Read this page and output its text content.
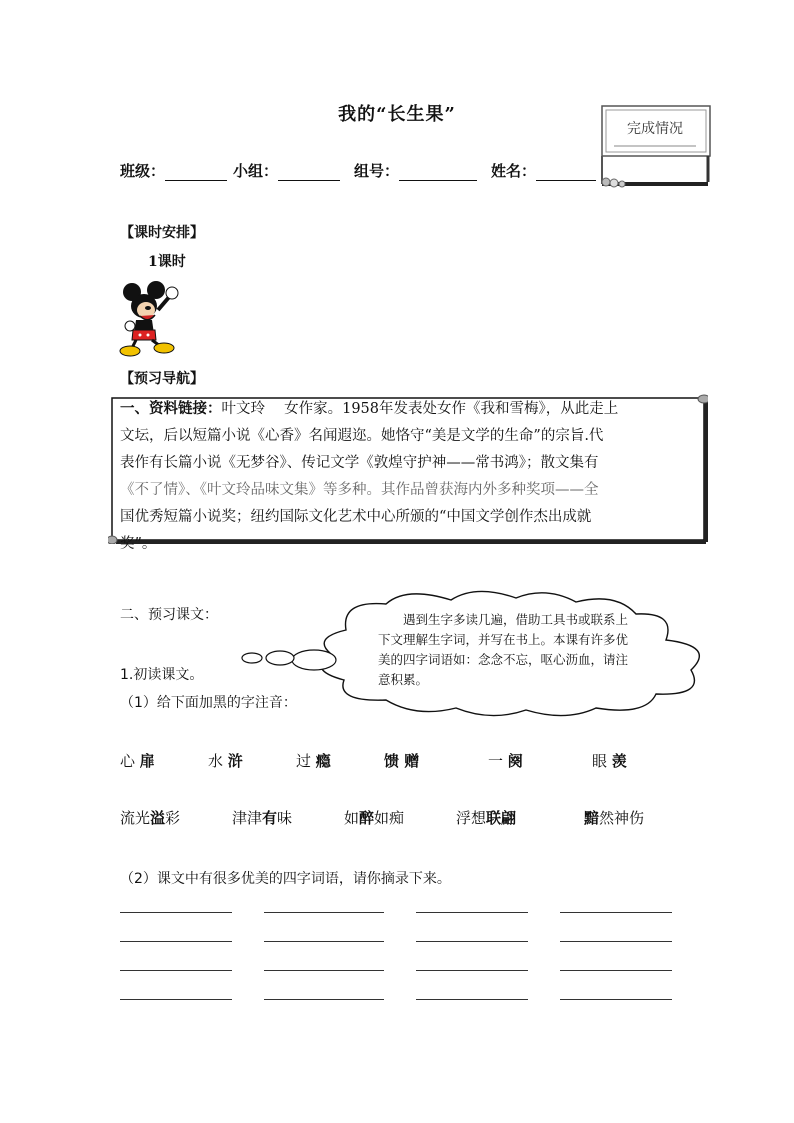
我的“长生果”
完成情况
班级：	小组：	组号：	姓名：
【课时安排】
1课时
【预习导航】
一、资料链接：叶文玲 　女作家。1958年发表处女作《我和雪梅》，从此走上
文坛，后以短篇小说《心香》名闻遐迩。她恪守“美是文学的生命”的宗旨.代
表作有长篇小说《无梦谷》、传记文学《敦煌守护神——常书鸿》；散文集有
《不了情》、《叶文玲品味文集》等多种。其作品曾获海内外多种奖项——全
国优秀短篇小说奖；纽约国际文化艺术中心所颁的“中国文学创作杰出成就
奖”。
二、预习课文：	遇到生字多读几遍，借助工具书或联系上下文理解生字词，并写在书上。本课有许多优美的四字词语如：念念不忘，呕心沥血，请注意积累。
1.初读课文。
（1）给下面加黑的字注音：
心 扉	水 浒	过 瘾	馈 赠	一 阕	眼 羡
流光溢彩	津津有味	如醉如痴	浮想联翩	黯然神伤
（2）课文中有很多优美的四字词语，请你摘录下来。
